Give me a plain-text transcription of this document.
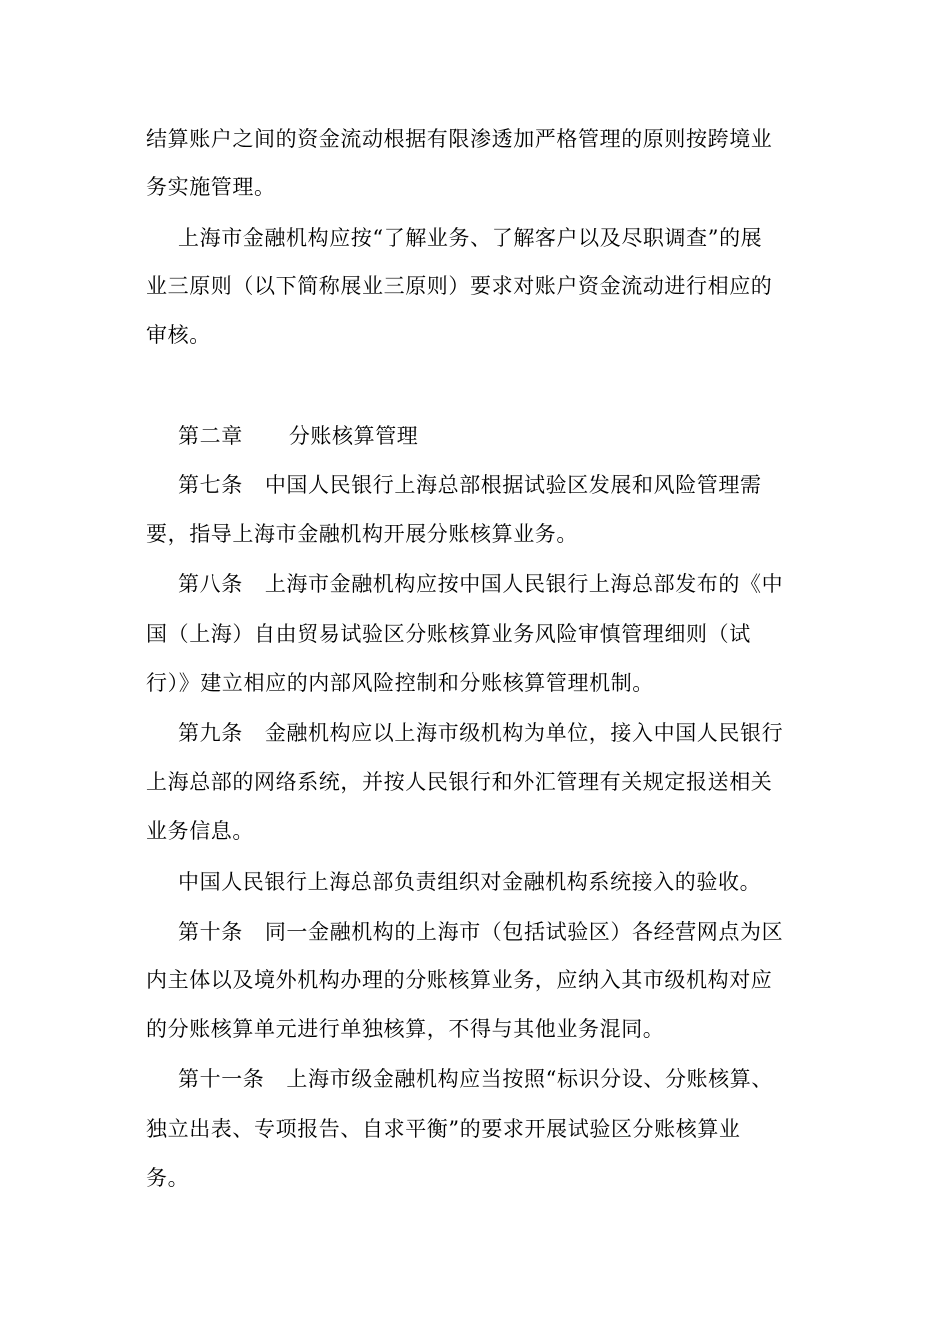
结算账户之间的资金流动根据有限渗透加严格管理的原则按跨境业
务实施管理。
上海市金融机构应按“了解业务、了解客户以及尽职调查”的展
业三原则（以下简称展业三原则）要求对账户资金流动进行相应的
审核。
第二章 分账核算管理
第七条 中国人民银行上海总部根据试验区发展和风险管理需
要，指导上海市金融机构开展分账核算业务。
第八条 上海市金融机构应按中国人民银行上海总部发布的《中
国（上海）自由贸易试验区分账核算业务风险审慎管理细则（试
行）》建立相应的内部风险控制和分账核算管理机制。
第九条 金融机构应以上海市级机构为单位，接入中国人民银行
上海总部的网络系统，并按人民银行和外汇管理有关规定报送相关
业务信息。
中国人民银行上海总部负责组织对金融机构系统接入的验收。
第十条 同一金融机构的上海市（包括试验区）各经营网点为区
内主体以及境外机构办理的分账核算业务，应纳入其市级机构对应
的分账核算单元进行单独核算，不得与其他业务混同。
第十一条 上海市级金融机构应当按照“标识分设、分账核算、
独立出表、专项报告、自求平衡”的要求开展试验区分账核算业
务。
